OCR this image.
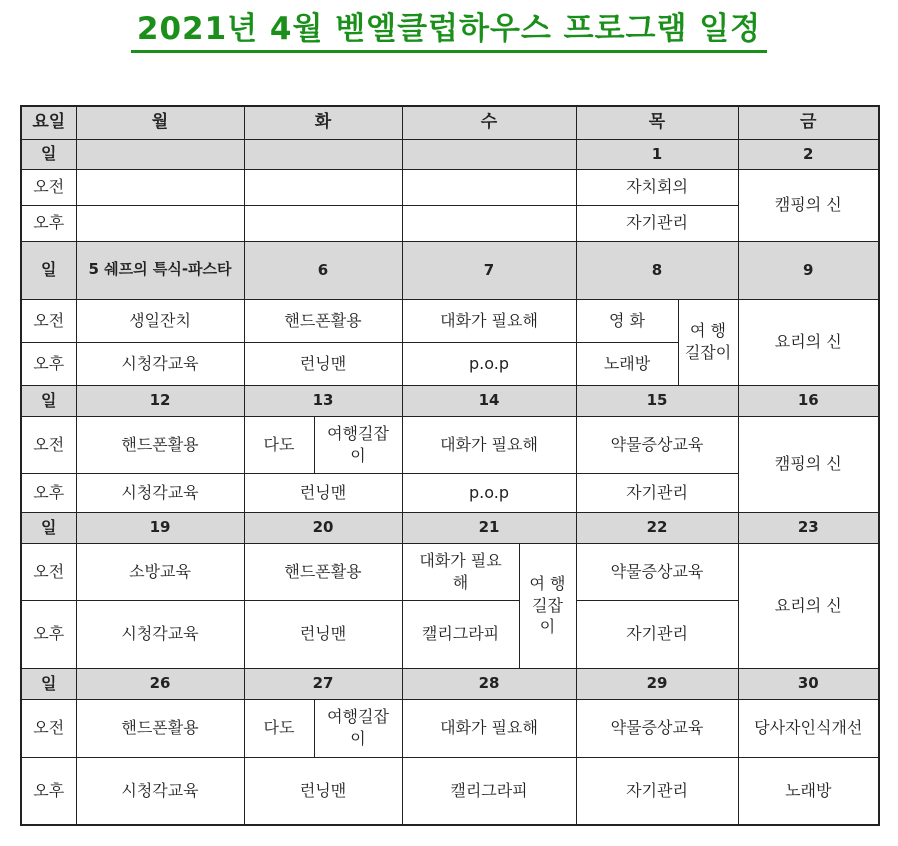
2021년 4월 벧엘클럽하우스 프로그램 일정
요일	월	화		수		목		금
일						1		2
오전						자치회의		캠핑의 신
오후						자기관리		
일	5 쉐프의 특식-파스타	6		7		8		9
오전	생일잔치	핸드폰활용		대화가 필요해		영 화	여 행길잡이	요리의 신
오후	시청각교육	런닝맨		p.o.p		노래방		
일	12	13		14		15		16
오전	핸드폰활용	다도	여행길잡이	대화가 필요해		약물증상교육		캠핑의 신
오후	시청각교육	런닝맨		p.o.p		자기관리		
일	19	20		21		22		23
오전	소방교육	핸드폰활용		대화가 필요해	여 행길잡이	약물증상교육		요리의 신
오후	시청각교육	런닝맨		캘리그라피		자기관리		
일	26	27		28		29		30
오전	핸드폰활용	다도	여행길잡이	대화가 필요해		약물증상교육		당사자인식개선
오후	시청각교육	런닝맨		캘리그라피		자기관리		노래방
